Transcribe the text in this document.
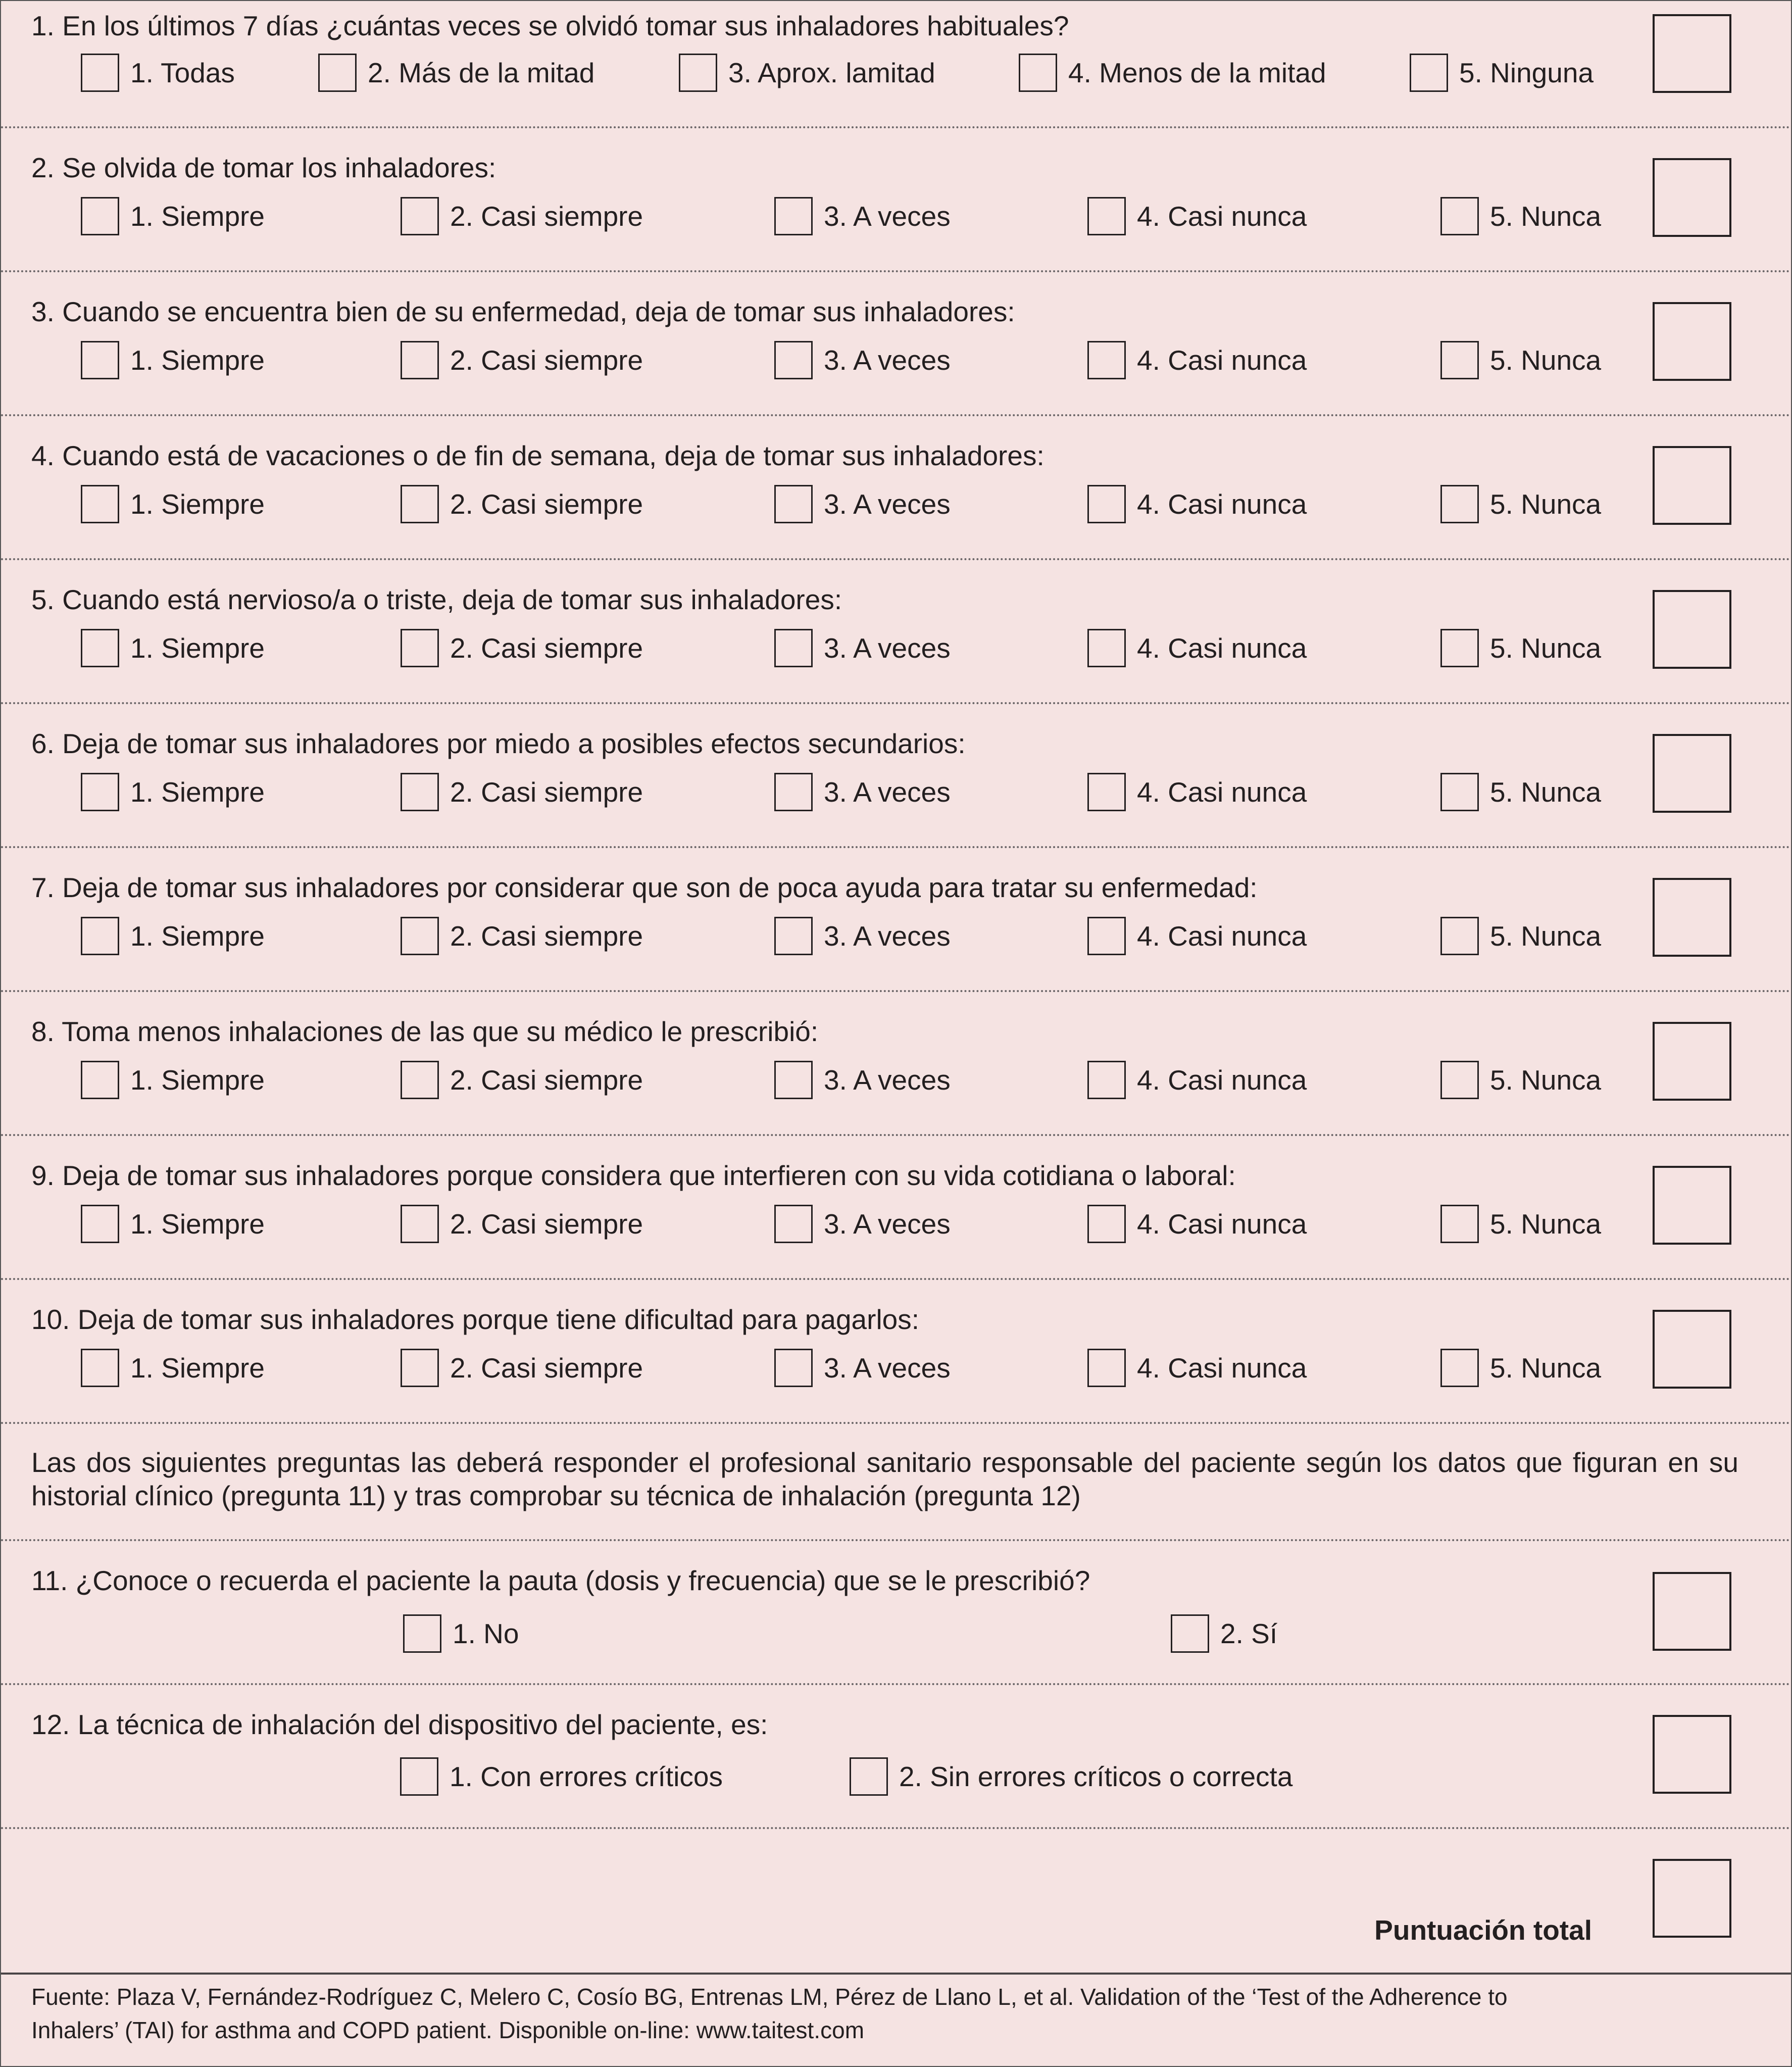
1. En los últimos 7 días ¿cuántas veces se olvidó tomar sus inhaladores habituales?
1. Todas	2. Más de la mitad	3. Aprox. lamitad	4. Menos de la mitad	5. Ninguna
2. Se olvida de tomar los inhaladores:
1. Siempre	2. Casi siempre	3. A veces	4. Casi nunca	5. Nunca
3. Cuando se encuentra bien de su enfermedad, deja de tomar sus inhaladores:
1. Siempre	2. Casi siempre	3. A veces	4. Casi nunca	5. Nunca
4. Cuando está de vacaciones o de fin de semana, deja de tomar sus inhaladores:
1. Siempre	2. Casi siempre	3. A veces	4. Casi nunca	5. Nunca
5. Cuando está nervioso/a o triste, deja de tomar sus inhaladores:
1. Siempre	2. Casi siempre	3. A veces	4. Casi nunca	5. Nunca
6. Deja de tomar sus inhaladores por miedo a posibles efectos secundarios:
1. Siempre	2. Casi siempre	3. A veces	4. Casi nunca	5. Nunca
7. Deja de tomar sus inhaladores por considerar que son de poca ayuda para tratar su enfermedad:
1. Siempre	2. Casi siempre	3. A veces	4. Casi nunca	5. Nunca
8. Toma menos inhalaciones de las que su médico le prescribió:
1. Siempre	2. Casi siempre	3. A veces	4. Casi nunca	5. Nunca
9. Deja de tomar sus inhaladores porque considera que interfieren con su vida cotidiana o laboral:
1. Siempre	2. Casi siempre	3. A veces	4. Casi nunca	5. Nunca
10. Deja de tomar sus inhaladores porque tiene dificultad para pagarlos:
1. Siempre	2. Casi siempre	3. A veces	4. Casi nunca	5. Nunca
Las dos siguientes preguntas las deberá responder el profesional sanitario responsable del paciente según los datos que figuran en su historial clínico (pregunta 11) y tras comprobar su técnica de inhalación (pregunta 12)
11. ¿Conoce o recuerda el paciente la pauta (dosis y frecuencia) que se le prescribió?
1. No	2. Sí
12. La técnica de inhalación del dispositivo del paciente, es:
1. Con errores críticos	2. Sin errores críticos o correcta
Puntuación total
Fuente: Plaza V, Fernández-Rodríguez C, Melero C, Cosío BG, Entrenas LM, Pérez de Llano L, et al. Validation of the ‘Test of the Adherence to Inhalers’ (TAI) for asthma and COPD patient. Disponible on-line: www.taitest.com
